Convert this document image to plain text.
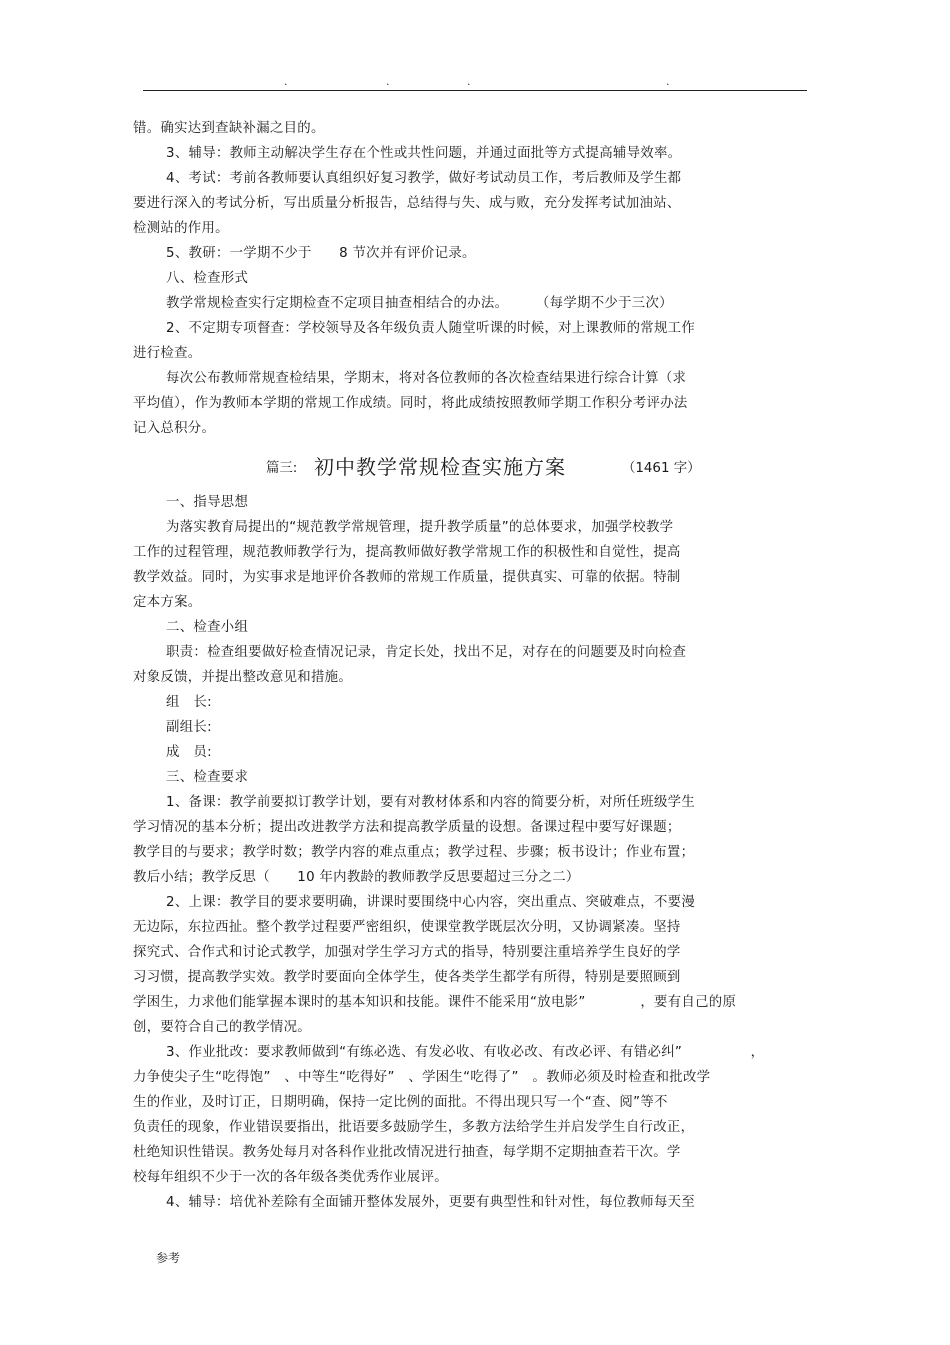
.	.	.	.
错。确实达到查缺补漏之目的。
3、辅导：教师主动解决学生存在个性或共性问题，并通过面批等方式提高辅导效率。
4、考试：考前各教师要认真组织好复习教学，做好考试动员工作，考后教师及学生都
要进行深入的考试分析，写出质量分析报告，总结得与失、成与败，充分发挥考试加油站、
检测站的作用。
5、教研：一学期不少于　　8 节次并有评价记录。
八、检查形式
教学常规检查实行定期检查不定项目抽查相结合的办法。　　　（每学期不少于三次）
2、不定期专项督查：学校领导及各年级负责人随堂听课的时候，对上课教师的常规工作
进行检查。
每次公布教师常规查检结果，学期末，将对各位教师的各次检查结果进行综合计算（求
平均值），作为教师本学期的常规工作成绩。同时，将此成绩按照教师学期工作积分考评办法
记入总积分。
篇三: 初中教学常规检查实施方案	（1461 字）
一、指导思想
为落实教育局提出的“规范教学常规管理，提升教学质量”的总体要求，加强学校教学
工作的过程管理，规范教师教学行为，提高教师做好教学常规工作的积极性和自觉性，提高
教学效益。同时，为实事求是地评价各教师的常规工作质量，提供真实、可靠的依据。特制
定本方案。
二、检查小组
职责：检查组要做好检查情况记录，肯定长处，找出不足，对存在的问题要及时向检查
对象反馈，并提出整改意见和措施。
组　长:
副组长:
成　员:
三、检查要求
1、备课：教学前要拟订教学计划，要有对教材体系和内容的简要分析，对所任班级学生
学习情况的基本分析；提出改进教学方法和提高教学质量的设想。备课过程中要写好课题；
教学目的与要求；教学时数；教学内容的难点重点；教学过程、步骤；板书设计；作业布置；
教后小结；教学反思（　　10 年内教龄的教师教学反思要超过三分之二）
2、上课：教学目的要求要明确，讲课时要围绕中心内容，突出重点、突破难点，不要漫
无边际，东拉西扯。整个教学过程要严密组织，使课堂教学既层次分明，又协调紧凑。坚持
探究式、合作式和讨论式教学，加强对学生学习方式的指导，特别要注重培养学生良好的学
习习惯，提高教学实效。教学时要面向全体学生，使各类学生都学有所得，特别是要照顾到
学困生，力求他们能掌握本课时的基本知识和技能。课件不能采用“放电影”　　　　，要有自己的原
创，要符合自己的教学情况。
3、作业批改：要求教师做到“有练必选、有发必收、有收必改、有改必评、有错必纠”　　　　　，
力争使尖子生“吃得饱”　、中等生“吃得好”　、学困生“吃得了”　。教师必须及时检查和批改学
生的作业，及时订正，日期明确，保持一定比例的面批。不得出现只写一个“查、阅”等不
负责任的现象，作业错误要指出，批语要多鼓励学生，多教方法给学生并启发学生自行改正，
杜绝知识性错误。教务处每月对各科作业批改情况进行抽查，每学期不定期抽查若干次。学
校每年组织不少于一次的各年级各类优秀作业展评。
4、辅导：培优补差除有全面铺开整体发展外，更要有典型性和针对性，每位教师每天至
参考
